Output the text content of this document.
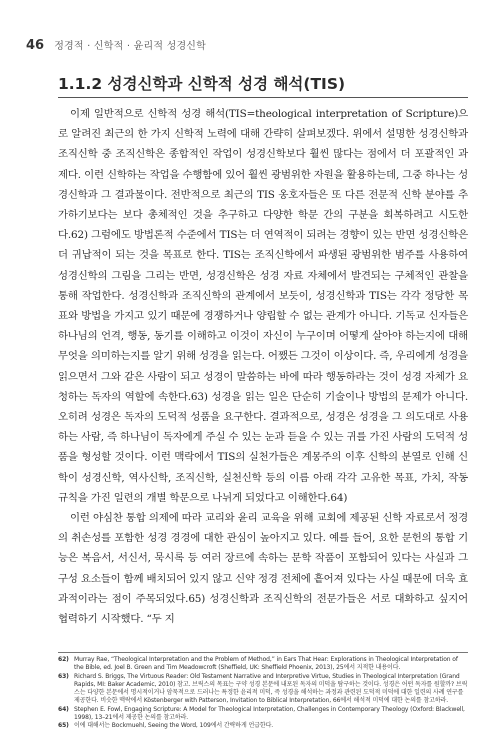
46 정경적 · 신학적 · 윤리적 성경신학
1.1.2 성경신학과 신학적 성경 해석(TIS)

이제 일반적으로 신학적 성경 해석(TIS=theological interpretation of Scripture)으로 알려진 최근의 한 가지 신학적 노력에 대해 간략히 살펴보겠다. 위에서 설명한 성경신학과 조직신학 중 조직신학은 종합적인 작업이 성경신학보다 훨씬 많다는 점에서 더 포괄적인 과제다. 이런 신학하는 작업을 수행함에 있어 훨씬 광범위한 자원을 활용하는데, 그중 하나는 성경신학과 그 결과물이다. 전반적으로 최근의 TIS 옹호자들은 또 다른 전문적 신학 분야를 추가하기보다는 보다 총체적인 것을 추구하고 다양한 학문 간의 구분을 회복하려고 시도한다.62) 그럼에도 방법론적 수준에서 TIS는 더 연역적이 되려는 경향이 있는 반면 성경신학은 더 귀납적이 되는 것을 목표로 한다. TIS는 조직신학에서 파생된 광범위한 범주를 사용하여 성경신학의 그림을 그리는 반면, 성경신학은 성경 자료 자체에서 발견되는 구체적인 관찰을 통해 작업한다. 성경신학과 조직신학의 관계에서 보듯이, 성경신학과 TIS는 각각 정당한 목표와 방법을 가지고 있기 때문에 경쟁하거나 양립할 수 없는 관계가 아니다. 기독교 신자들은 하나님의 언격, 행동, 동기를 이해하고 이것이 자신이 누구이며 어떻게 살아야 하는지에 대해 무엇을 의미하는지를 알기 위해 성경을 읽는다. 어쨌든 그것이 이상이다. 즉, 우리에게 성경을 읽으면서 그와 같은 사람이 되고 성경이 말씀하는 바에 따라 행동하라는 것이 성경 자체가 요청하는 독자의 역할에 속한다.63) 성경을 읽는 일은 단순히 기술이나 방법의 문제가 아니다. 오히려 성경은 독자의 도덕적 성품을 요구한다. 결과적으로, 성경은 성경을 그 의도대로 사용하는 사람, 즉 하나님이 독자에게 주실 수 있는 눈과 듣을 수 있는 귀를 가진 사람의 도덕적 성품을 형성할 것이다. 이런 맥락에서 TIS의 실천가들은 계몽주의 이후 신학의 분열로 인해 신학이 성경신학, 역사신학, 조직신학, 실천신학 등의 이름 아래 각각 고유한 목표, 가치, 작동 규칙을 가진 일련의 개별 학문으로 나뉘게 되었다고 이해한다.64)

이런 야심찬 통합 의제에 따라 교리와 윤리 교육을 위해 교회에 제공된 신학 자료로서 정경의 취손성를 포함한 성경 경경에 대한 관심이 높아지고 있다. 예를 들어, 요한 문헌의 통합 기능은 복음서, 서신서, 묵시록 등 여러 장르에 속하는 문학 작품이 포함되어 있다는 사실과 그 구성 요소들이 함께 배치되어 있지 않고 신약 정경 전체에 흩어져 있다는 사실 때문에 더욱 효과적이라는 점이 주목되었다.65) 성경신학과 조직신학의 전문가들은 서로 대화하고 싶지어 협력하기 시작했다. “두 지

62) Murray Rae, “Theological Interpretation and the Problem of Method,” in Ears That Hear: Explorations in Theological Interpretation of the Bible, ed. Joel B. Green and Tim Meadowcroft (Sheffield, UK: Sheffield Phoenix, 2013), 25에서 지적한 내용이다.
63) Richard S. Briggs, The Virtuous Reader: Old Testament Narrative and Interpretive Virtue, Studies in Theological Interpretation (Grand Rapids, MI: Baker Academic, 2010) 참고. 브릭스의 목표는 구약 성경 본문에 내포된 독자의 미덕을 탐구하는 것이다. 성경은 어떤 독자를 원할까? 브릭스는 다양한 본문에서 명시적이거나 암묵적으로 드러나는 특정한 윤리적 미덕, 즉 성경을 해석하는 과정과 관련된 도덕적 미덕에 대한 일련의 사례 연구를 제공한다. 비슷한 맥락에서 Köstenberger with Patterson, Invitation to Biblical Interpretation, 66에서 해석적 미덕에 대한 논의를 참고하라.
64) Stephen E. Fowl, Engaging Scripture: A Model for Theological Interpretation, Challenges in Contemporary Theology (Oxford: Blackwell, 1998), 13–21에서 제공한 논의를 참고하라.
65) 이에 대해서는 Bockmuehl, Seeing the Word, 109에서 간략하게 언급한다.
